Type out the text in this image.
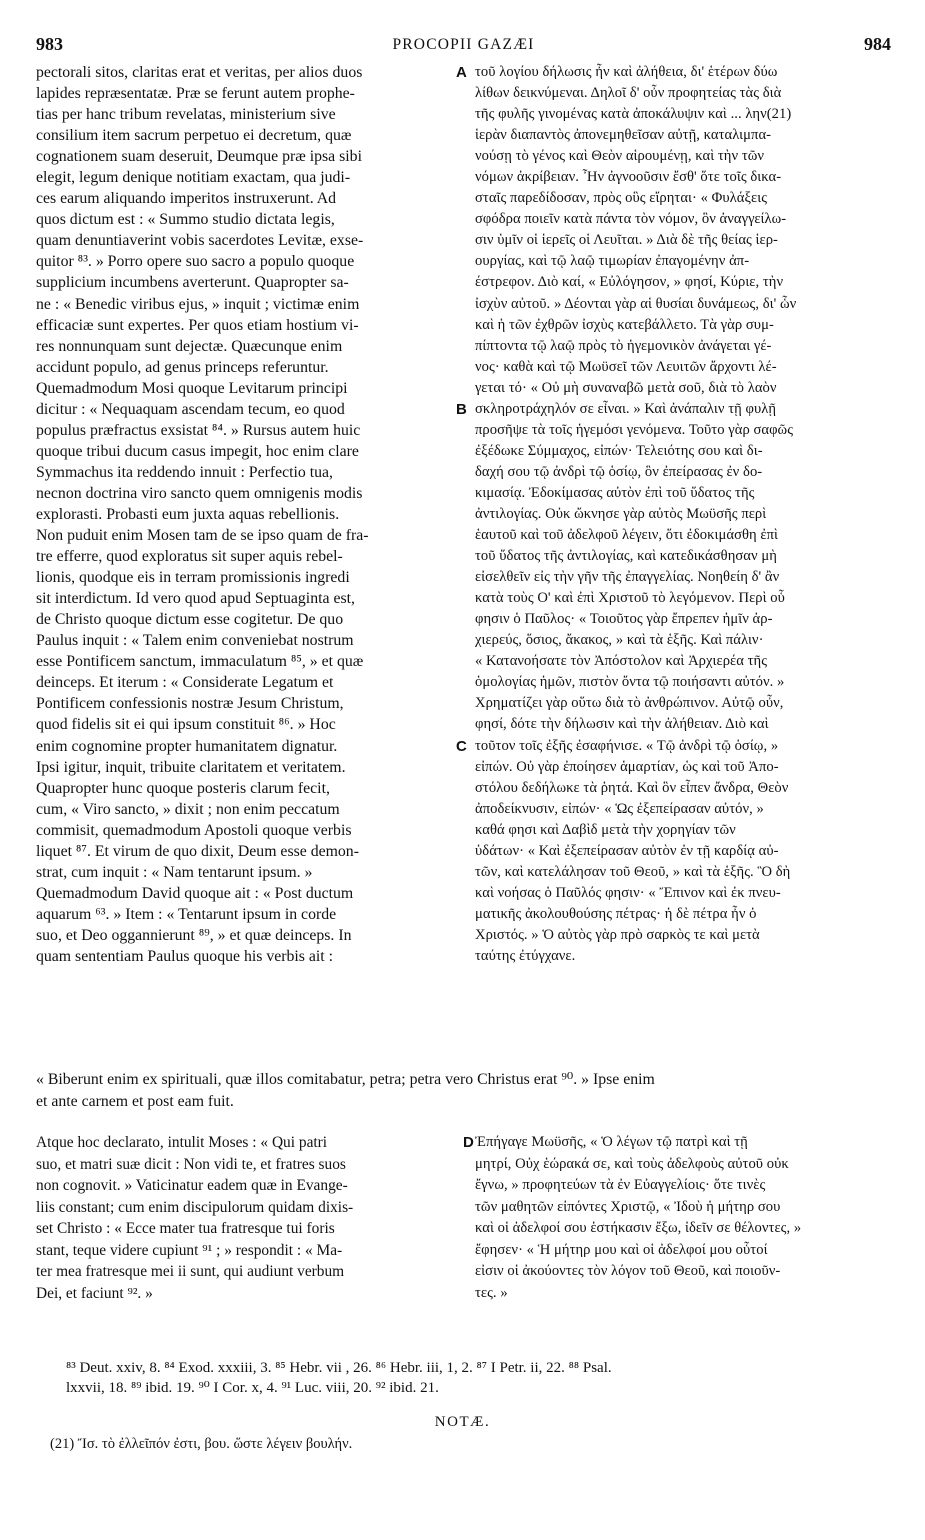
983	PROCOPII GAZÆI	984
pectorali sitos, claritas erat et veritas, per alios duos
lapides repræsentatæ. Præ se ferunt autem prophe-
tias per hanc tribum revelatas, ministerium sive
consilium item sacrum perpetuo ei decretum, quæ
cognationem suam deseruit, Deumque præ ipsa sibi
elegit, legum denique notitiam exactam, qua judi-
ces earum aliquando imperitos instruxerunt. Ad
quos dictum est : « Summo studio dictata legis,
quam denuntiaverint vobis sacerdotes Levitæ, exse-
quitor ⁸³. » Porro opere suo sacro a populo quoque
supplicium incumbens averterunt. Quapropter sa-
ne : « Benedic viribus ejus, » inquit ; victimæ enim
efficaciæ sunt expertes. Per quos etiam hostium vi-
res nonnunquam sunt dejectæ. Quæcunque enim
accidunt populo, ad genus princeps referuntur.
Quemadmodum Mosi quoque Levitarum principi
dicitur : « Nequaquam ascendam tecum, eo quod
populus præfractus exsistat ⁸⁴. » Rursus autem huic
quoque tribui ducum casus impegit, hoc enim clare
Symmachus ita reddendo innuit : Perfectio tua,
necnon doctrina viro sancto quem omnigenis modis
explorasti. Probasti eum juxta aquas rebellionis.
Non puduit enim Mosen tam de se ipso quam de fra-
tre efferre, quod exploratus sit super aquis rebel-
lionis, quodque eis in terram promissionis ingredi
sit interdictum. Id vero quod apud Septuaginta est,
de Christo quoque dictum esse cogitetur. De quo
Paulus inquit : « Talem enim conveniebat nostrum
esse Pontificem sanctum, immaculatum ⁸⁵, » et quæ
deinceps. Et iterum : « Considerate Legatum et
Pontificem confessionis nostræ Jesum Christum,
quod fidelis sit ei qui ipsum constituit ⁸⁶. » Hoc
enim cognomine propter humanitatem dignatur.
Ipsi igitur, inquit, tribuite claritatem et veritatem.
Quapropter hunc quoque posteris clarum fecit,
cum, « Viro sancto, » dixit ; non enim peccatum
commisit, quemadmodum Apostoli quoque verbis
liquet ⁸⁷. Et virum de quo dixit, Deum esse demon-
strat, cum inquit : « Nam tentarunt ipsum. »
Quemadmodum David quoque ait : « Post ductum
aquarum ⁶³. » Item : « Tentarunt ipsum in corde
suo, et Deo oggannierunt ⁸⁹, » et quæ deinceps. In
quam sententiam Paulus quoque his verbis ait :
τοῦ λογίου δήλωσις ἦν καὶ ἀλήθεια, δι' ἑτέρων δύω
λίθων δεικνύμεναι. Δηλοῖ δ' οὖν προφητείας τὰς διὰ
τῆς φυλῆς γινομένας κατὰ ἀποκάλυψιν καὶ ... λην(21)
ἱερὰν διαπαντὸς ἀπονεμηθεῖσαν αὐτῇ, καταλιμπα-
νούσῃ τὸ γένος καὶ Θεὸν αἱρουμένῃ, καὶ τὴν τῶν
νόμων ἀκρίβειαν. Ἦν ἀγνοοῦσιν ἔσθ' ὅτε τοῖς δικα-
σταῖς παρεδίδοσαν, πρὸς οὓς εἴρηται· « Φυλάξεις
σφόδρα ποιεῖν κατὰ πάντα τὸν νόμον, ὃν ἀναγγείλω-
σιν ὑμῖν οἱ ἱερεῖς οἱ Λευῖται. » Διὰ δὲ τῆς θείας ἱερ-
ουργίας, καὶ τῷ λαῷ τιμωρίαν ἐπαγομένην ἀπ-
έστρεφον. Διὸ καί, « Εὐλόγησον, » φησί, Κύριε, τὴν
ἰσχὺν αὐτοῦ. » Δέονται γὰρ αἱ θυσίαι δυνάμεως, δι' ὧν
καὶ ἡ τῶν ἐχθρῶν ἰσχὺς κατεβάλλετο. Τὰ γὰρ συμ-
πίπτοντα τῷ λαῷ πρὸς τὸ ἡγεμονικὸν ἀνάγεται γέ-
νος· καθὰ καὶ τῷ Μωϋσεῖ τῶν Λευιτῶν ἄρχοντι λέ-
γεται τό· « Οὐ μὴ συναναβῶ μετὰ σοῦ, διὰ τὸ λαὸν
σκληροτράχηλόν σε εἶναι. » Καὶ ἀνάπαλιν τῇ φυλῇ
προσῆψε τὰ τοῖς ἡγεμόσι γενόμενα. Τοῦτο γὰρ σαφῶς
ἐξέδωκε Σύμμαχος, εἰπών· Τελειότης σου καὶ δι-
δαχή σου τῷ ἀνδρὶ τῷ ὁσίῳ, ὃν ἐπείρασας ἐν δο-
κιμασίᾳ. Ἐδοκίμασας αὐτὸν ἐπὶ τοῦ ὕδατος τῆς
ἀντιλογίας. Οὐκ ὤκνησε γὰρ αὐτὸς Μωϋσῆς περὶ
ἑαυτοῦ καὶ τοῦ ἀδελφοῦ λέγειν, ὅτι ἐδοκιμάσθη ἐπὶ
τοῦ ὕδατος τῆς ἀντιλογίας, καὶ κατεδικάσθησαν μὴ
εἰσελθεῖν εἰς τὴν γῆν τῆς ἐπαγγελίας. Νοηθείη δ' ἂν
κατὰ τοὺς Ο' καὶ ἐπὶ Χριστοῦ τὸ λεγόμενον. Περὶ οὗ
φησιν ὁ Παῦλος· « Τοιοῦτος γὰρ ἔπρεπεν ἡμῖν ἀρ-
χιερεύς, ὅσιος, ἄκακος, » καὶ τὰ ἑξῆς. Καὶ πάλιν·
« Κατανοήσατε τὸν Ἀπόστολον καὶ Ἀρχιερέα τῆς
ὁμολογίας ἡμῶν, πιστὸν ὄντα τῷ ποιήσαντι αὐτόν. »
Χρηματίζει γὰρ οὕτω διὰ τὸ ἀνθρώπινον. Αὐτῷ οὖν,
φησί, δότε τὴν δήλωσιν καὶ τὴν ἀλήθειαν. Διὸ καὶ
τοῦτον τοῖς ἐξῆς ἐσαφήνισε. « Τῷ ἀνδρὶ τῷ ὁσίῳ, »
εἰπών. Οὐ γὰρ ἐποίησεν ἁμαρτίαν, ὡς καὶ τοῦ Ἀπο-
στόλου δεδήλωκε τὰ ῥητά. Καὶ ὃν εἶπεν ἄνδρα, Θεὸν
ἀποδείκνυσιν, εἰπών· « Ὡς ἐξεπείρασαν αὐτόν, »
καθά φησι καὶ Δαβὶδ μετὰ τὴν χορηγίαν τῶν
ὑδάτων· « Καὶ ἐξεπείρασαν αὐτὸν ἐν τῇ καρδίᾳ αὐ-
τῶν, καὶ κατελάλησαν τοῦ Θεοῦ, » καὶ τὰ ἑξῆς. Ὃ δὴ
καὶ νοήσας ὁ Παῦλός φησιν· « Ἔπινον καὶ ἐκ πνευ-
ματικῆς ἀκολουθούσης πέτρας· ἡ δὲ πέτρα ἦν ὁ
Χριστός. » Ὁ αὐτὸς γὰρ πρὸ σαρκὸς τε καὶ μετὰ
ταύτης ἐτύγχανε.
A
B
C
D
« Biberunt enim ex spirituali, quæ illos comitabatur, petra; petra vero Christus erat ⁹⁰. » Ipse enim
et ante carnem et post eam fuit.
Atque hoc declarato, intulit Moses : « Qui patri
suo, et matri suæ dicit : Non vidi te, et fratres suos
non cognovit. » Vaticinatur eadem quæ in Evange-
liis constant; cum enim discipulorum quidam dixis-
set Christo : « Ecce mater tua fratresque tui foris
stant, teque videre cupiunt ⁹¹ ; » respondit : « Ma-
ter mea fratresque mei ii sunt, qui audiunt verbum
Dei, et faciunt ⁹². »
Ἐπήγαγε Μωϋσῆς, « Ὁ λέγων τῷ πατρὶ καὶ τῇ
μητρί, Οὐχ ἑώρακά σε, καὶ τοὺς ἀδελφοὺς αὐτοῦ οὐκ
ἔγνω, » προφητεύων τὰ ἐν Εὐαγγελίοις· ὅτε τινὲς
τῶν μαθητῶν εἰπόντες Χριστῷ, « Ἰδοὺ ἡ μήτηρ σου
καὶ οἱ ἀδελφοί σου ἑστήκασιν ἔξω, ἰδεῖν σε θέλοντες, »
ἔφησεν· « Ἡ μήτηρ μου καὶ οἱ ἀδελφοί μου οὗτοί
εἰσιν οἱ ἀκούοντες τὸν λόγον τοῦ Θεοῦ, καὶ ποιοῦν-
τες. »
⁸³ Deut. xxiv, 8. ⁸⁴ Exod. xxxiii, 3. ⁸⁵ Hebr. vii , 26. ⁸⁶ Hebr. iii, 1, 2. ⁸⁷ I Petr. ii, 22. ⁸⁸ Psal.
lxxvii, 18. ⁸⁹ ibid. 19. ⁹⁰ I Cor. x, 4. ⁹¹ Luc. viii, 20. ⁹² ibid. 21.
NOTÆ.
(21) Ἴσ. τὸ ἐλλεῖπόν ἐστι, βου. ὥστε λέγειν βουλήν.
